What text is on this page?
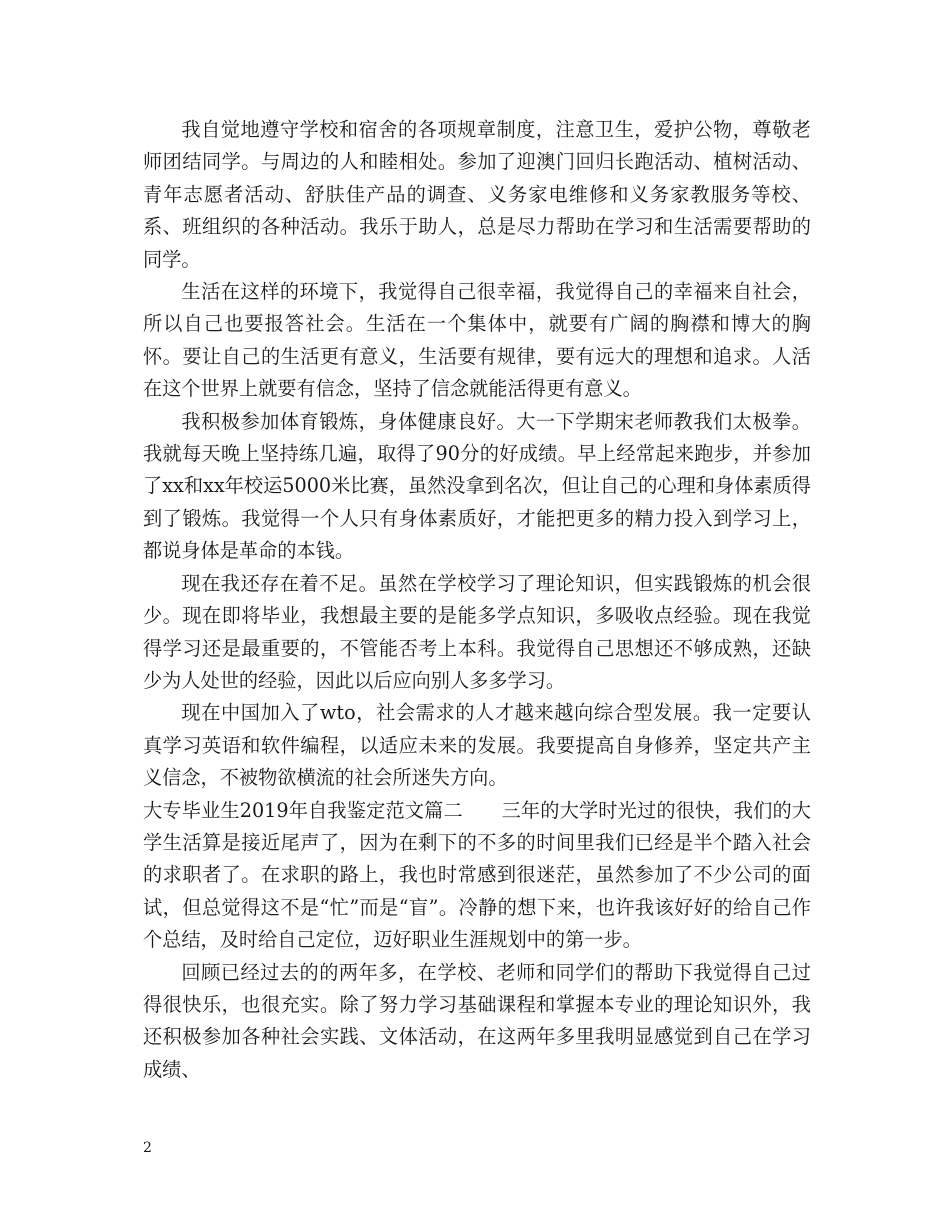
我自觉地遵守学校和宿舍的各项规章制度，注意卫生，爱护公物，尊敬老师团结同学。与周边的人和睦相处。参加了迎澳门回归长跑活动、植树活动、青年志愿者活动、舒肤佳产品的调查、义务家电维修和义务家教服务等校、系、班组织的各种活动。我乐于助人，总是尽力帮助在学习和生活需要帮助的同学。

生活在这样的环境下，我觉得自己很幸福，我觉得自己的幸福来自社会，所以自己也要报答社会。生活在一个集体中，就要有广阔的胸襟和博大的胸怀。要让自己的生活更有意义，生活要有规律，要有远大的理想和追求。人活在这个世界上就要有信念，坚持了信念就能活得更有意义。

我积极参加体育锻炼，身体健康良好。大一下学期宋老师教我们太极拳。我就每天晚上坚持练几遍，取得了90分的好成绩。早上经常起来跑步，并参加了xx和xx年校运5000米比赛，虽然没拿到名次，但让自己的心理和身体素质得到了锻炼。我觉得一个人只有身体素质好，才能把更多的精力投入到学习上，都说身体是革命的本钱。

现在我还存在着不足。虽然在学校学习了理论知识，但实践锻炼的机会很少。现在即将毕业，我想最主要的是能多学点知识，多吸收点经验。现在我觉得学习还是最重要的，不管能否考上本科。我觉得自己思想还不够成熟，还缺少为人处世的经验，因此以后应向别人多多学习。

现在中国加入了wto，社会需求的人才越来越向综合型发展。我一定要认真学习英语和软件编程，以适应未来的发展。我要提高自身修养，坚定共产主义信念，不被物欲横流的社会所迷失方向。

大专毕业生2019年自我鉴定范文篇二　　三年的大学时光过的很快，我们的大学生活算是接近尾声了，因为在剩下的不多的时间里我们已经是半个踏入社会的求职者了。在求职的路上，我也时常感到很迷茫，虽然参加了不少公司的面试，但总觉得这不是“忙”而是“盲”。冷静的想下来，也许我该好好的给自己作个总结，及时给自己定位，迈好职业生涯规划中的第一步。

回顾已经过去的的两年多，在学校、老师和同学们的帮助下我觉得自己过得很快乐，也很充实。除了努力学习基础课程和掌握本专业的理论知识外，我还积极参加各种社会实践、文体活动，在这两年多里我明显感觉到自己在学习成绩、

2
